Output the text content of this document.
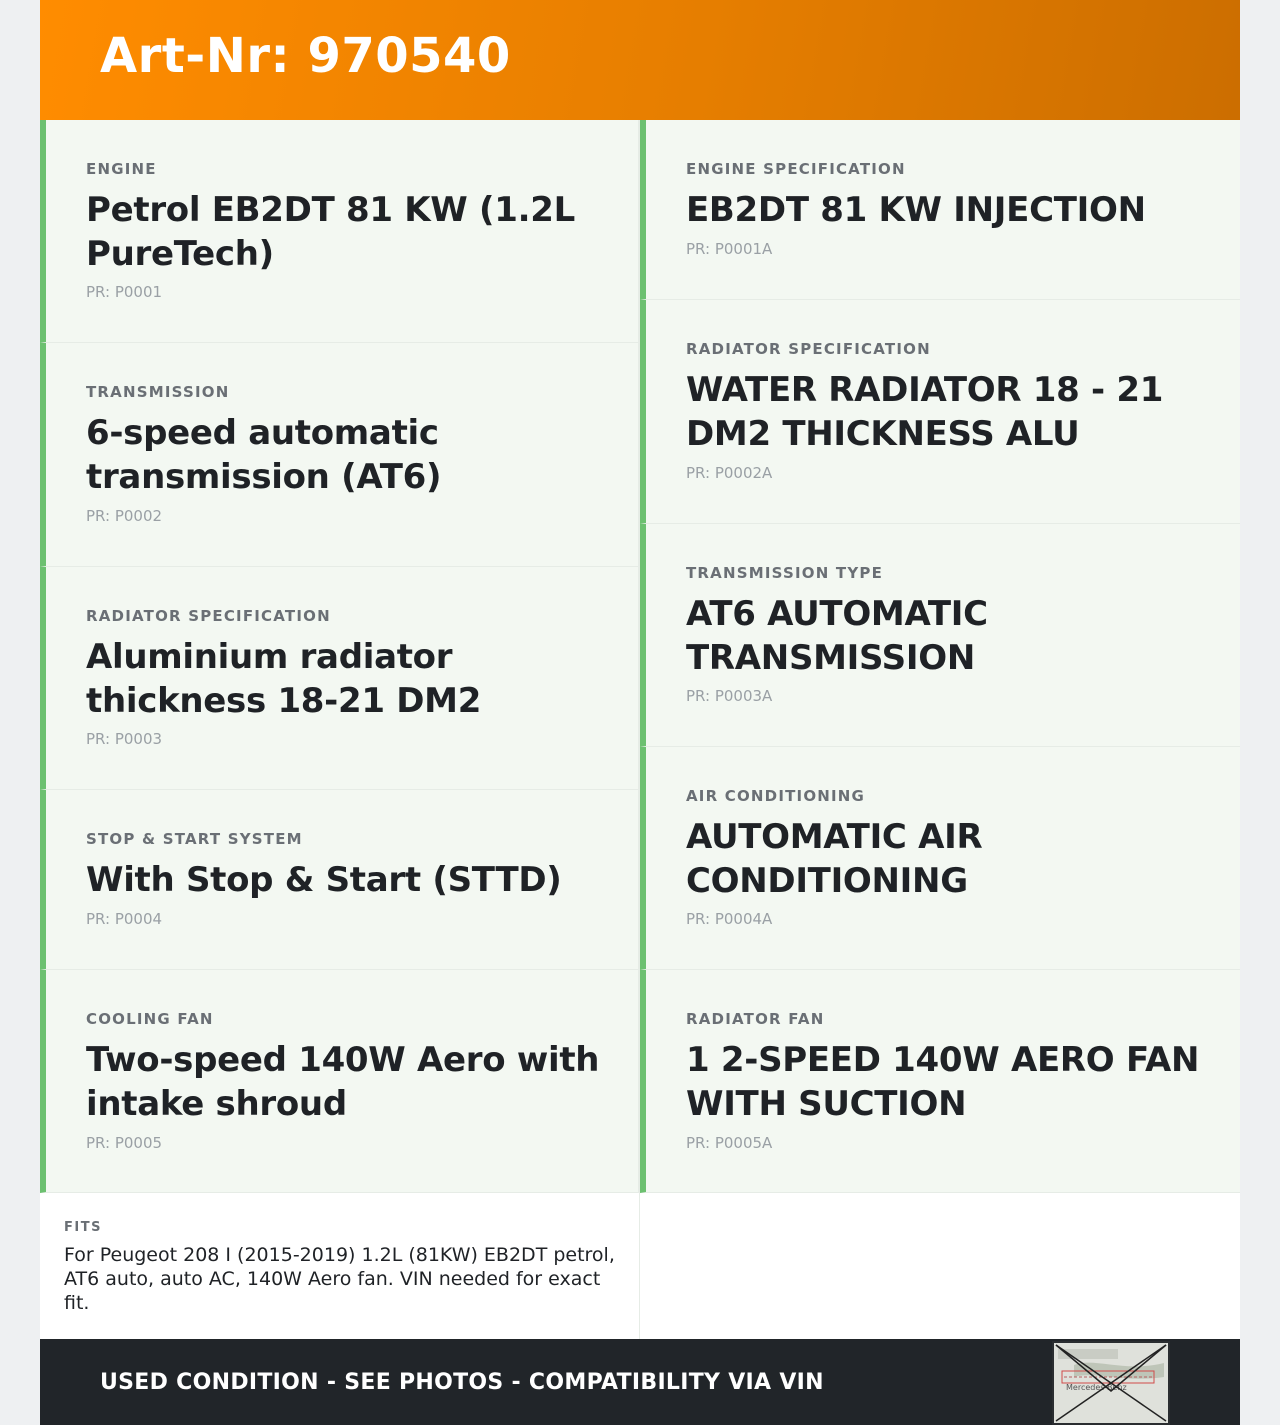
Art-Nr: 970540
ENGINE
Petrol EB2DT 81 KW (1.2L PureTech)
PR: P0001
TRANSMISSION
6-speed automatic transmission (AT6)
PR: P0002
RADIATOR SPECIFICATION
Aluminium radiator thickness 18-21 DM2
PR: P0003
STOP & START SYSTEM
With Stop & Start (STTD)
PR: P0004
COOLING FAN
Two-speed 140W Aero with intake shroud
PR: P0005
ENGINE SPECIFICATION
EB2DT 81 KW INJECTION
PR: P0001A
RADIATOR SPECIFICATION
WATER RADIATOR 18 - 21 DM2 THICKNESS ALU
PR: P0002A
TRANSMISSION TYPE
AT6 AUTOMATIC TRANSMISSION
PR: P0003A
AIR CONDITIONING
AUTOMATIC AIR CONDITIONING
PR: P0004A
RADIATOR FAN
1 2-SPEED 140W AERO FAN WITH SUCTION
PR: P0005A
FITS
For Peugeot 208 I (2015-2019) 1.2L (81KW) EB2DT petrol, AT6 auto, auto AC, 140W Aero fan. VIN needed for exact fit.
USED CONDITION - SEE PHOTOS - COMPATIBILITY VIA VIN	Mercedes-Benz
